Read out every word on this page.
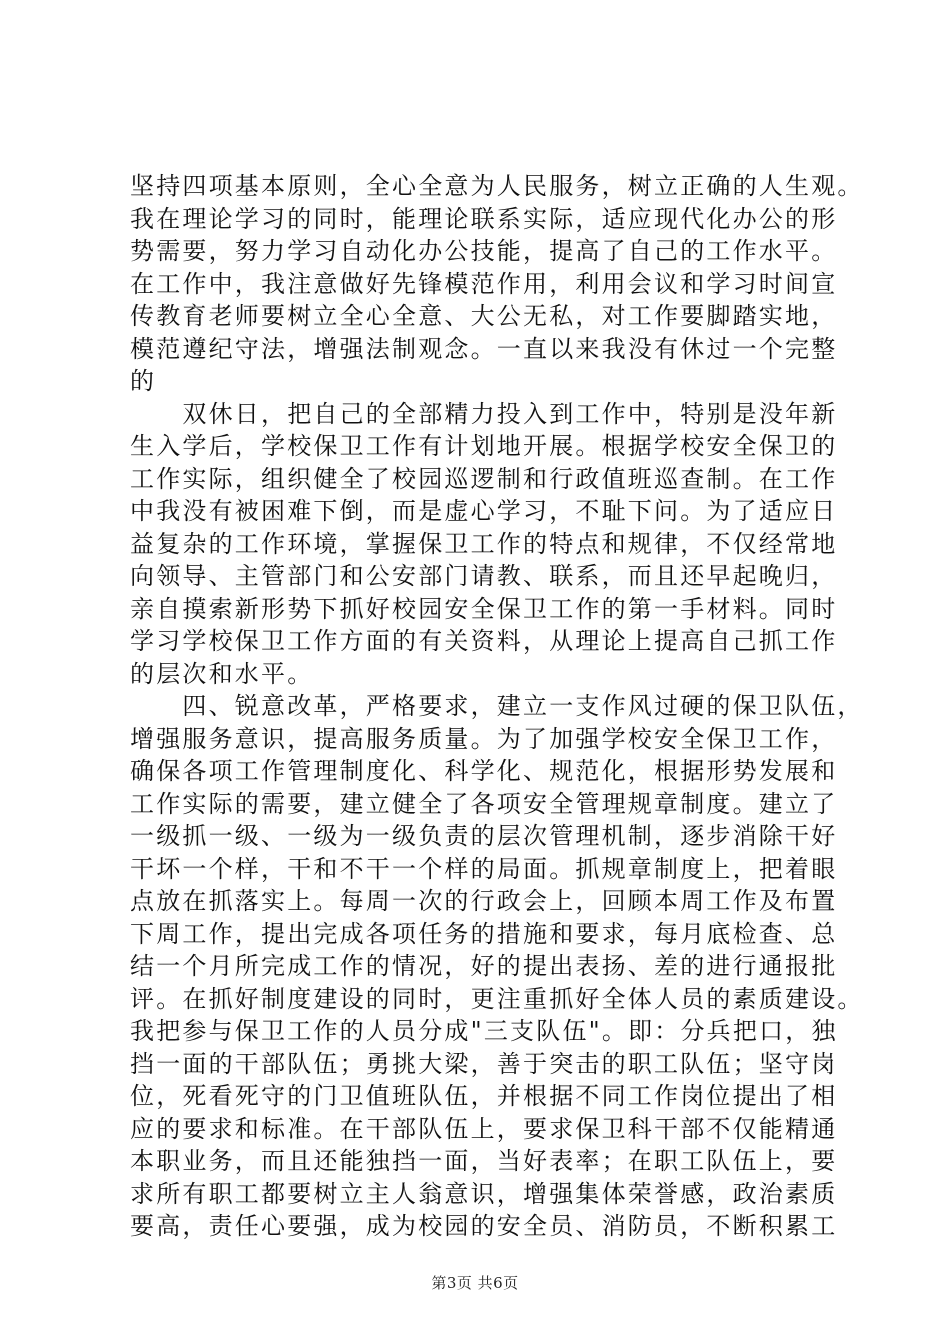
坚持四项基本原则，全心全意为人民服务，树立正确的人生观。
我在理论学习的同时，能理论联系实际，适应现代化办公的形
势需要，努力学习自动化办公技能，提高了自己的工作水平。
在工作中，我注意做好先锋模范作用，利用会议和学习时间宣
传教育老师要树立全心全意、大公无私，对工作要脚踏实地，
模范遵纪守法，增强法制观念。一直以来我没有休过一个完整
的
　　双休日，把自己的全部精力投入到工作中，特别是没年新
生入学后，学校保卫工作有计划地开展。根据学校安全保卫的
工作实际，组织健全了校园巡逻制和行政值班巡查制。在工作
中我没有被困难下倒，而是虚心学习，不耻下问。为了适应日
益复杂的工作环境，掌握保卫工作的特点和规律，不仅经常地
向领导、主管部门和公安部门请教、联系，而且还早起晚归，
亲自摸索新形势下抓好校园安全保卫工作的第一手材料。同时
学习学校保卫工作方面的有关资料，从理论上提高自己抓工作
的层次和水平。
　　四、锐意改革，严格要求，建立一支作风过硬的保卫队伍，
增强服务意识，提高服务质量。为了加强学校安全保卫工作，
确保各项工作管理制度化、科学化、规范化，根据形势发展和
工作实际的需要，建立健全了各项安全管理规章制度。建立了
一级抓一级、一级为一级负责的层次管理机制，逐步消除干好
干坏一个样，干和不干一个样的局面。抓规章制度上，把着眼
点放在抓落实上。每周一次的行政会上，回顾本周工作及布置
下周工作，提出完成各项任务的措施和要求，每月底检查、总
结一个月所完成工作的情况，好的提出表扬、差的进行通报批
评。在抓好制度建设的同时，更注重抓好全体人员的素质建设。
我把参与保卫工作的人员分成"三支队伍"。即：分兵把口，独
挡一面的干部队伍；勇挑大梁，善于突击的职工队伍；坚守岗
位，死看死守的门卫值班队伍，并根据不同工作岗位提出了相
应的要求和标准。在干部队伍上，要求保卫科干部不仅能精通
本职业务，而且还能独挡一面，当好表率；在职工队伍上，要
求所有职工都要树立主人翁意识，增强集体荣誉感，政治素质
要高，责任心要强，成为校园的安全员、消防员，不断积累工
第3页 共6页
